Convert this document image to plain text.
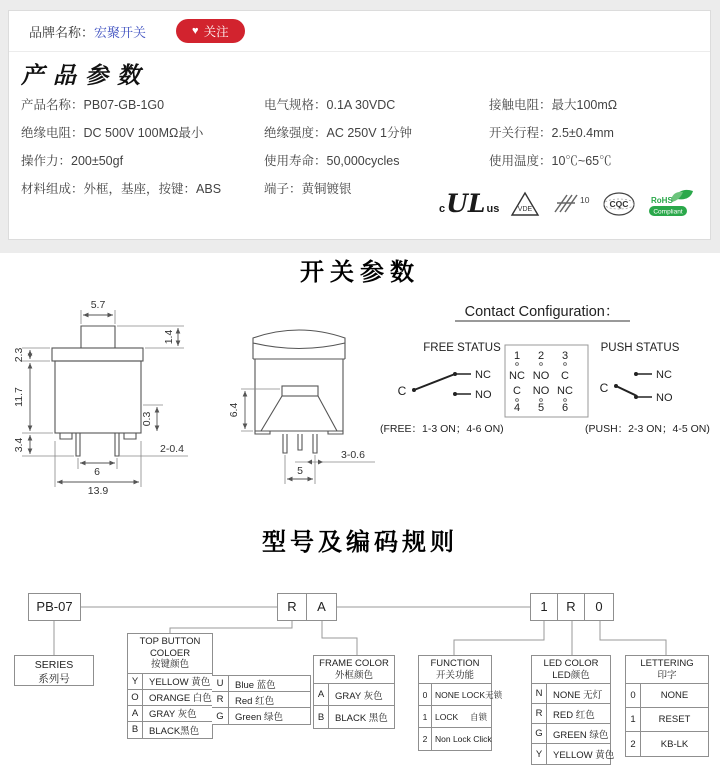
品牌名称： 宏聚开关	♥ 关注
产品参数
产品名称：PB07-GB-1G0
绝缘电阻：DC 500V 100MΩ最小
操作力：200±50gf
材料组成：外框，基座，按键：ABS
电气规格：0.1A 30VDC
绝缘强度：AC 250V 1分钟
使用寿命：50,000cycles
端子：黄铜镀银
接触电阻：最大100mΩ
开关行程：2.5±0.4mm
使用温度：10℃~65℃
c UL us	VDE
10 CQC	RoHS
Compliant
开关参数
5.7
1.4
2.3
11.7
3.4
0.3
2-0.4
6
13.9
6.4
3-0.6
5
Contact Configuration：
FREE STATUS	PUSH STATUS
1 2 3
NC NO C
C NO NC
4 5 6
C
NC
NO	C
NC
NO
(FREE：1-3 ON；4-6 ON)	(PUSH：2-3 ON；4-5 ON)
型号及编码规则
PB-07	R	A	1	R	0
SERIES
系列号
TOP BUTTON COLOER
按键颜色
Y	YELLOW 黄色
O	ORANGE 白色
A	GRAY 灰色
B	BLACK黑色
U	Blue 蓝色
R	Red 红色
G	Green 绿色
FRAME COLOR
外框颜色
A	GRAY 灰色
B	BLACK 黑色
FUNCTION
开关功能
0 NONE LOCK 无锁
1 LOCK 自锁
2 Non Lock Click
LED COLOR
LED颜色
N	NONE 无灯
R	RED 红色
G	GREEN 绿色
Y	YELLOW 黄色
LETTERING
印字
0	NONE
1	RESET
2	KB-LK
